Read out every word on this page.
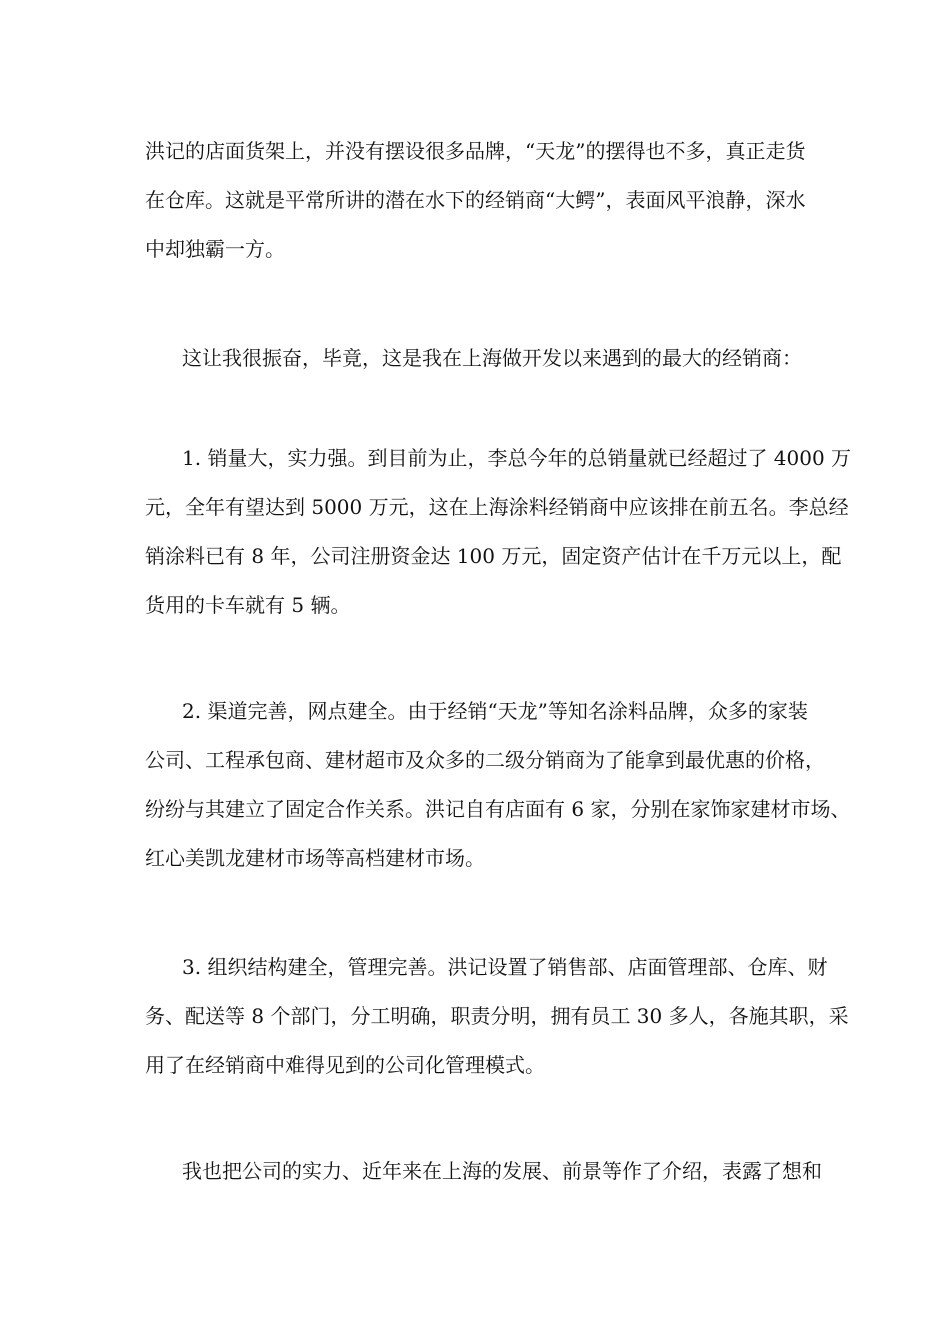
洪记的店面货架上，并没有摆设很多品牌，“天龙”的摆得也不多，真正走货
在仓库。这就是平常所讲的潜在水下的经销商“大鳄”，表面风平浪静，深水
中却独霸一方。
这让我很振奋，毕竟，这是我在上海做开发以来遇到的最大的经销商：
1. 销量大，实力强。到目前为止，李总今年的总销量就已经超过了 4000 万
元，全年有望达到 5000 万元，这在上海涂料经销商中应该排在前五名。李总经
销涂料已有 8 年，公司注册资金达 100 万元，固定资产估计在千万元以上，配
货用的卡车就有 5 辆。
2. 渠道完善，网点建全。由于经销“天龙”等知名涂料品牌，众多的家装
公司、工程承包商、建材超市及众多的二级分销商为了能拿到最优惠的价格，
纷纷与其建立了固定合作关系。洪记自有店面有 6 家，分别在家饰家建材市场、
红心美凯龙建材市场等高档建材市场。
3. 组织结构建全，管理完善。洪记设置了销售部、店面管理部、仓库、财
务、配送等 8 个部门，分工明确，职责分明，拥有员工 30 多人，各施其职，采
用了在经销商中难得见到的公司化管理模式。
我也把公司的实力、近年来在上海的发展、前景等作了介绍，表露了想和
